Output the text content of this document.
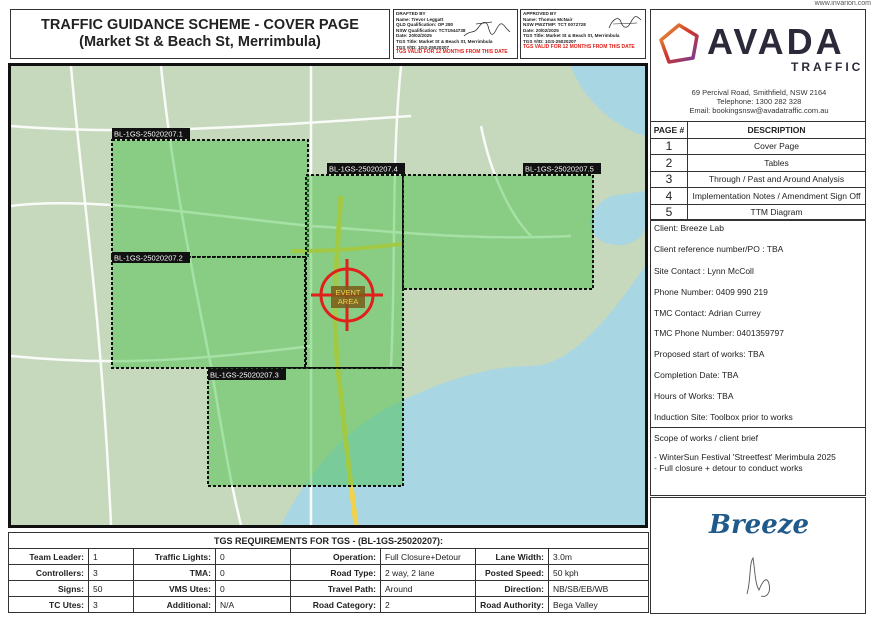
www.invarion.com
TRAFFIC GUIDANCE SCHEME - COVER PAGE
(Market St & Beach St, Merrimbula)
DRAFTED BY
Name: Trevor Leggatt
QLD Qualification: OP 280
NSW Qualification: TCT1944738
Date: 20/02/2025
TGS Title: Market St & Beach St, Merrimbula
TGS #/ID: 1GS-25020207
TGS VALID FOR 12 MONTHS FROM THIS DATE
APPROVED BY
Name: Thomas McNair
NSW PWZTMP: TCT 0072728
Date: 20/02/2025
TGS Title: Market St & Beach St, Merrimbula
TGS #/ID: 1GS-25020207
TGS VALID FOR 12 MONTHS FROM THIS DATE AVADA
TRAFFIC
69 Percival Road, Smithfield, NSW 2164
Telephone: 1300 282 328
Email: bookingsnsw@avadatraffic.com.au
BL-1GS-25020207.1
BL-1GS-25020207.2
BL-1GS-25020207.4	BL-1GS-25020207.5
BL-1GS-25020207.3
EVENT
AREA
PAGE #	DESCRIPTION
1	Cover Page
2	Tables
3	Through / Past and Around Analysis
4	Implementation Notes / Amendment Sign Off
5	TTM Diagram
Client: Breeze Lab
Client reference number/PO : TBA
Site Contact : Lynn McColl
Phone Number: 0409 990 219
TMC Contact: Adrian Currey
TMC Phone Number: 0401359797
Proposed start of works: TBA
Completion Date: TBA
Hours of Works: TBA
Induction Site: Toolbox prior to works
Scope of works / client brief
- WinterSun Festival 'Streetfest' Merimbula 2025
- Full closure + detour to conduct works
Breeze
TGS REQUIREMENTS FOR TGS - (BL-1GS-25020207):							
Team Leader:	1	Traffic Lights:	0	Operation:	Full Closure+Detour	Lane Width:	3.0m
Controllers:	3	TMA:	0	Road Type:	2 way, 2 lane	Posted Speed:	50 kph
Signs:	50	VMS Utes:	0	Travel Path:	Around	Direction:	NB/SB/EB/WB
TC Utes:	3	Additional:	N/A	Road Category:	2	Road Authority:	Bega Valley
